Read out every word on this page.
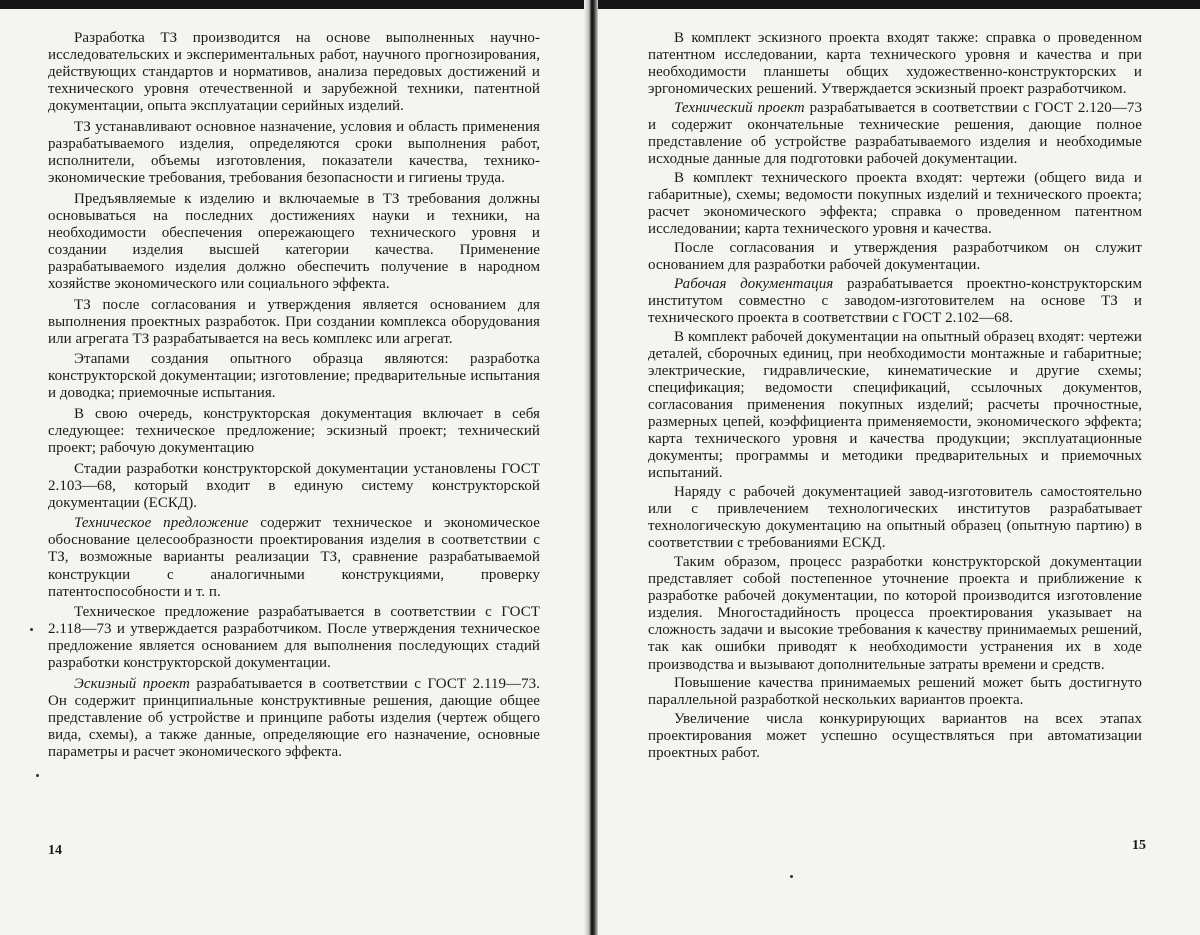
Разработка ТЗ производится на основе выполненных научно-исследовательских и экспериментальных работ, научного прогнозирования, действующих стандартов и нормативов, анализа передовых достижений и технического уровня отечественной и зарубежной техники, патентной документации, опыта эксплуатации серийных изделий.

ТЗ устанавливают основное назначение, условия и область применения разрабатываемого изделия, определяются сроки выполнения работ, исполнители, объемы изготовления, показатели качества, технико-экономические требования, требования безопасности и гигиены труда.

Предъявляемые к изделию и включаемые в ТЗ требования должны основываться на последних достижениях науки и техники, на необходимости обеспечения опережающего технического уровня и создании изделия высшей категории качества. Применение разрабатываемого изделия должно обеспечить получение в народном хозяйстве экономического или социального эффекта.

ТЗ после согласования и утверждения является основанием для выполнения проектных разработок. При создании комплекса оборудования или агрегата ТЗ разрабатывается на весь комплекс или агрегат.

Этапами создания опытного образца являются: разработка конструкторской документации; изготовление; предварительные испытания и доводка; приемочные испытания.

В свою очередь, конструкторская документация включает в себя следующее: техническое предложение; эскизный проект; технический проект; рабочую документацию

Стадии разработки конструкторской документации установлены ГОСТ 2.103—68, который входит в единую систему конструкторской документации (ЕСКД).

Техническое предложение содержит техническое и экономическое обоснование целесообразности проектирования изделия в соответствии с ТЗ, возможные варианты реализации ТЗ, сравнение разрабатываемой конструкции с аналогичными конструкциями, проверку патентоспособности и т. п.

Техническое предложение разрабатывается в соответствии с ГОСТ 2.118—73 и утверждается разработчиком. После утверждения техническое предложение является основанием для выполнения последующих стадий разработки конструкторской документации.

Эскизный проект разрабатывается в соответствии с ГОСТ 2.119—73. Он содержит принципиальные конструктивные решения, дающие общее представление об устройстве и принципе работы изделия (чертеж общего вида, схемы), а также данные, определяющие его назначение, основные параметры и расчет экономического эффекта.

14

В комплект эскизного проекта входят также: справка о проведенном патентном исследовании, карта технического уровня и качества и при необходимости планшеты общих художественно-конструкторских и эргономических решений. Утверждается эскизный проект разработчиком.

Технический проект разрабатывается в соответствии с ГОСТ 2.120—73 и содержит окончательные технические решения, дающие полное представление об устройстве разрабатываемого изделия и необходимые исходные данные для подготовки рабочей документации.

В комплект технического проекта входят: чертежи (общего вида и габаритные), схемы; ведомости покупных изделий и технического проекта; расчет экономического эффекта; справка о проведенном патентном исследовании; карта технического уровня и качества.

После согласования и утверждения разработчиком он служит основанием для разработки рабочей документации.

Рабочая документация разрабатывается проектно-конструкторским институтом совместно с заводом-изготовителем на основе ТЗ и технического проекта в соответствии с ГОСТ 2.102—68.

В комплект рабочей документации на опытный образец входят: чертежи деталей, сборочных единиц, при необходимости монтажные и габаритные; электрические, гидравлические, кинематические и другие схемы; спецификация; ведомости спецификаций, ссылочных документов, согласования применения покупных изделий; расчеты прочностные, размерных цепей, коэффициента применяемости, экономического эффекта; карта технического уровня и качества продукции; эксплуатационные документы; программы и методики предварительных и приемочных испытаний.

Наряду с рабочей документацией завод-изготовитель самостоятельно или с привлечением технологических институтов разрабатывает технологическую документацию на опытный образец (опытную партию) в соответствии с требованиями ЕСКД.

Таким образом, процесс разработки конструкторской документации представляет собой постепенное уточнение проекта и приближение к разработке рабочей документации, по которой производится изготовление изделия. Многостадийность процесса проектирования указывает на сложность задачи и высокие требования к качеству принимаемых решений, так как ошибки приводят к необходимости устранения их в ходе производства и вызывают дополнительные затраты времени и средств.

Повышение качества принимаемых решений может быть достигнуто параллельной разработкой нескольких вариантов проекта.

Увеличение числа конкурирующих вариантов на всех этапах проектирования может успешно осуществляться при автоматизации проектных работ.

15
